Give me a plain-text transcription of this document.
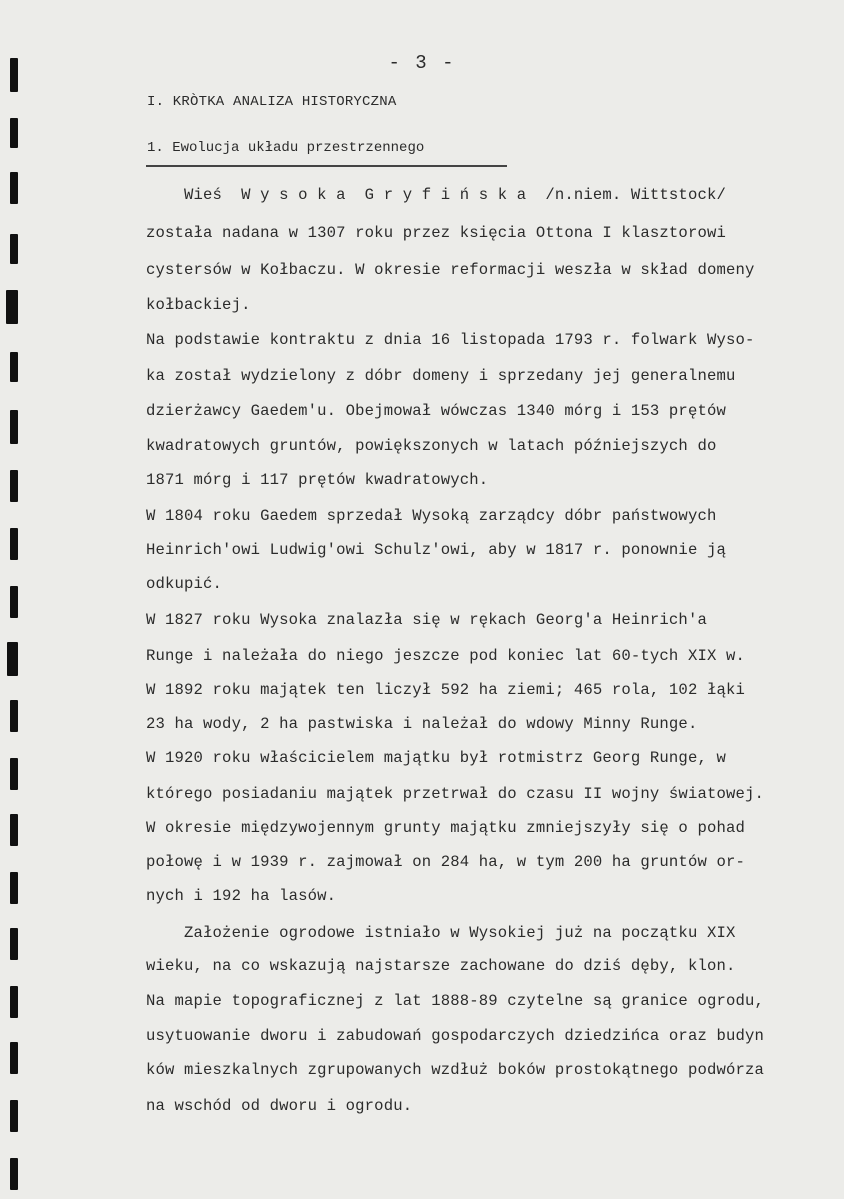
- 3 -
I. KRÒTKA ANALIZA HISTORYCZNA
1. Ewolucja układu przestrzennego
Wieś  W y s o k a  G r y f i ń s k a  /n.niem. Wittstock/
została nadana w 1307 roku przez księcia Ottona I klasztorowi
cystersów w Kołbaczu. W okresie reformacji weszła w skład domeny
kołbackiej.
Na podstawie kontraktu z dnia 16 listopada 1793 r. folwark Wyso-
ka został wydzielony z dóbr domeny i sprzedany jej generalnemu
dzierżawcy Gaedem'u. Obejmował wówczas 1340 mórg i 153 prętów
kwadratowych gruntów, powiększonych w latach późniejszych do
1871 mórg i 117 prętów kwadratowych.
W 1804 roku Gaedem sprzedał Wysoką zarządcy dóbr państwowych
Heinrich'owi Ludwig'owi Schulz'owi, aby w 1817 r. ponownie ją
odkupić.
W 1827 roku Wysoka znalazła się w rękach Georg'a Heinrich'a
Runge i należała do niego jeszcze pod koniec lat 60-tych XIX w.
W 1892 roku majątek ten liczył 592 ha ziemi; 465 rola, 102 łąki
23 ha wody, 2 ha pastwiska i należał do wdowy Minny Runge.
W 1920 roku właścicielem majątku był rotmistrz Georg Runge, w
którego posiadaniu majątek przetrwał do czasu II wojny światowej.
W okresie międzywojennym grunty majątku zmniejszyły się o pohad
połowę i w 1939 r. zajmował on 284 ha, w tym 200 ha gruntów or-
nych i 192 ha lasów.
Założenie ogrodowe istniało w Wysokiej już na początku XIX
wieku, na co wskazują najstarsze zachowane do dziś dęby, klon.
Na mapie topograficznej z lat 1888-89 czytelne są granice ogrodu,
usytuowanie dworu i zabudowań gospodarczych dziedzińca oraz budyn
ków mieszkalnych zgrupowanych wzdłuż boków prostokątnego podwórza
na wschód od dworu i ogrodu.
